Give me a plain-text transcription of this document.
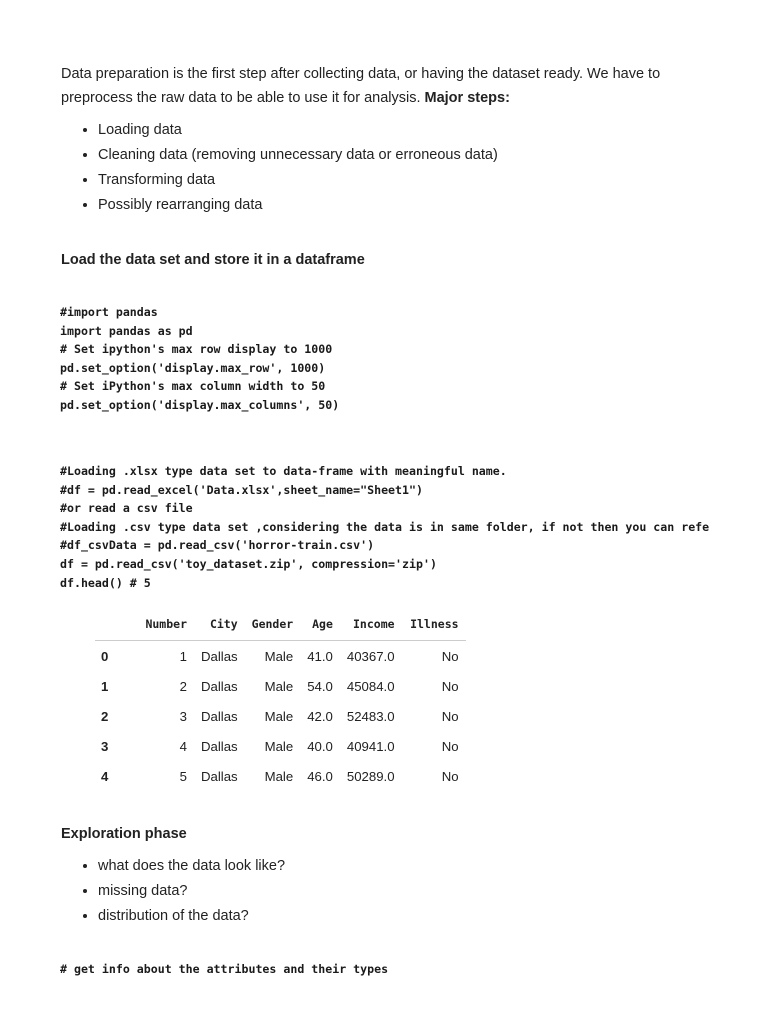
Data preparation is the first step after collecting data, or having the dataset ready. We have to preprocess the raw data to be able to use it for analysis. Major steps:

• Loading data
• Cleaning data (removing unnecessary data or erroneous data)
• Transforming data
• Possibly rearranging data
Load the data set and store it in a dataframe
#import pandas
import pandas as pd
# Set ipython's max row display to 1000
pd.set_option('display.max_row', 1000)
# Set iPython's max column width to 50
pd.set_option('display.max_columns', 50)
#Loading .xlsx type data set to data-frame with meaningful name.
#df = pd.read_excel('Data.xlsx',sheet_name="Sheet1")
#or read a csv file
#Loading .csv type data set ,considering the data is in same folder, if not then you can refe
#df_csvData = pd.read_csv('horror-train.csv')
df = pd.read_csv('toy_dataset.zip', compression='zip')
df.head() # 5
	Number	City	Gender	Age	Income	Illness
0	1	Dallas	Male	41.0	40367.0	No
1	2	Dallas	Male	54.0	45084.0	No
2	3	Dallas	Male	42.0	52483.0	No
3	4	Dallas	Male	40.0	40941.0	No
4	5	Dallas	Male	46.0	50289.0	No
Exploration phase
• what does the data look like?
• missing data?
• distribution of the data?
# get info about the attributes and their types
